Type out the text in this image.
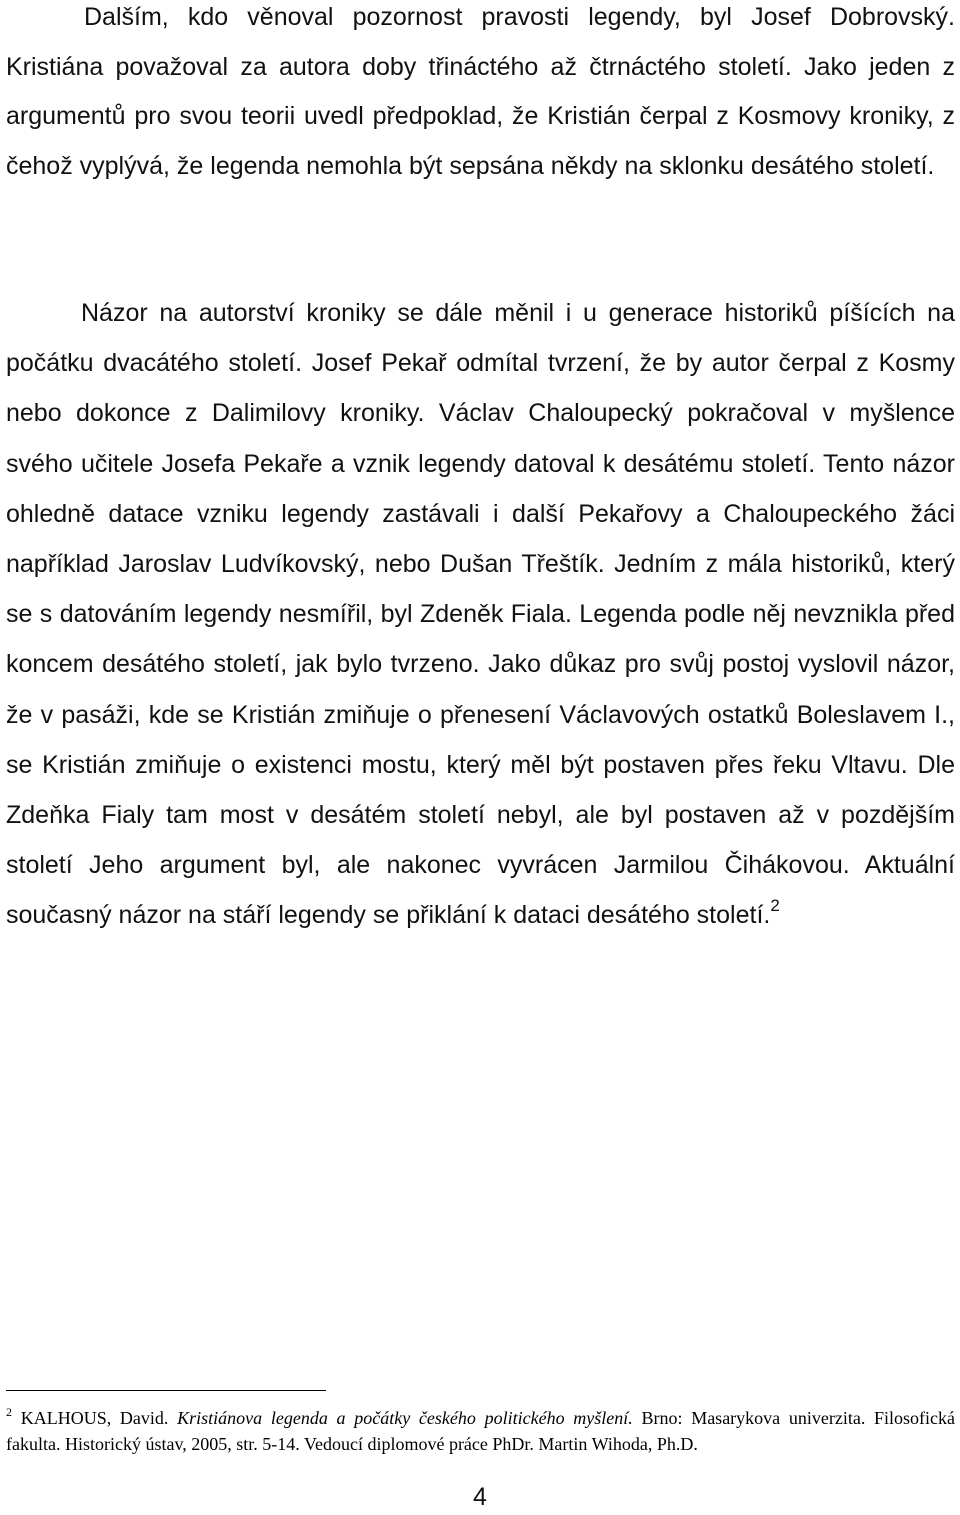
Dalším, kdo věnoval pozornost pravosti legendy, byl Josef Dobrovský. Kristiána považoval za autora doby třináctého až čtrnáctého století. Jako jeden z argumentů pro svou teorii uvedl předpoklad, že Kristián čerpal z Kosmovy kroniky, z čehož vyplývá, že legenda nemohla být sepsána někdy na sklonku desátého století.

Názor na autorství kroniky se dále měnil i u generace historiků píšících na počátku dvacátého století. Josef Pekař odmítal tvrzení, že by autor čerpal z Kosmy nebo dokonce z Dalimilovy kroniky. Václav Chaloupecký pokračoval v myšlence svého učitele Josefa Pekaře a vznik legendy datoval k desátému století. Tento názor ohledně datace vzniku legendy zastávali i další Pekařovy a Chaloupeckého žáci například Jaroslav Ludvíkovský, nebo Dušan Třeštík. Jedním z mála historiků, který se s datováním legendy nesmířil, byl Zdeněk Fiala. Legenda podle něj nevznikla před koncem desátého století, jak bylo tvrzeno. Jako důkaz pro svůj postoj vyslovil názor, že v pasáži, kde se Kristián zmiňuje o přenesení Václavových ostatků Boleslavem I., se Kristián zmiňuje o existenci mostu, který měl být postaven přes řeku Vltavu. Dle Zdeňka Fialy tam most v desátém století nebyl, ale byl postaven až v pozdějším století Jeho argument byl, ale nakonec vyvrácen Jarmilou Čihákovou. Aktuální současný názor na stáří legendy se přiklání k dataci desátého století.$^2$

$^2$ KALHOUS, David. Kristiánova legenda a počátky českého politického myšlení. Brno: Masarykova univerzita. Filosofická fakulta. Historický ústav, 2005, str. 5-14. Vedoucí diplomové práce PhDr. Martin Wihoda, Ph.D.

4
